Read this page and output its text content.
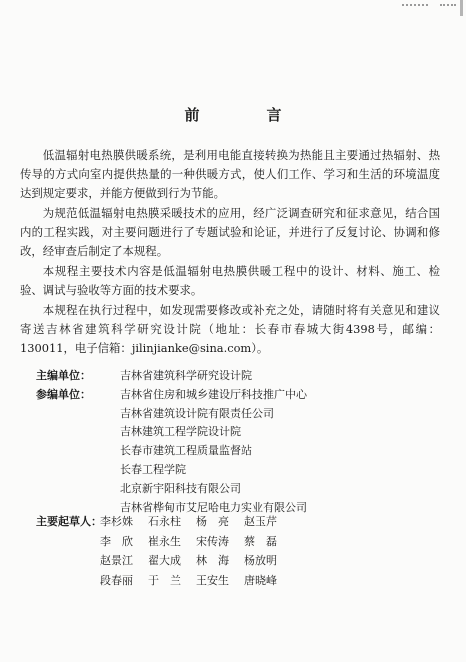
前　言

低温辐射电热膜供暖系统，是利用电能直接转换为热能且主要通过热辐射、热传导的方式向室内提供热量的一种供暖方式，使人们工作、学习和生活的环境温度达到规定要求，并能方便做到行为节能。

为规范低温辐射电热膜采暖技术的应用，经广泛调查研究和征求意见，结合国内的工程实践，对主要问题进行了专题试验和论证，并进行了反复讨论、协调和修改，经审查后制定了本规程。

本规程主要技术内容是低温辐射电热膜供暖工程中的设计、材料、施工、检验、调试与验收等方面的技术要求。

本规程在执行过程中，如发现需要修改或补充之处，请随时将有关意见和建议寄送吉林省建筑科学研究设计院（地址：长春市春城大街4398号，邮编：130011，电子信箱：jilinjianke@sina.com）。

主编单位：	吉林省建筑科学研究设计院
参编单位：	吉林省住房和城乡建设厅科技推广中心
吉林省建筑设计院有限责任公司
吉林建筑工程学院设计院
长春市建筑工程质量监督站
长春工程学院
北京新宇阳科技有限公司
吉林省桦甸市艾尼哈电力实业有限公司
主要起草人：
李杉姝	石永柱	杨　亮	赵玉芹
李　欣	崔永生	宋传涛	蔡　磊
赵景江	翟大成	林　海	杨放明
段春丽	于　兰	王安生	唐晓峰
